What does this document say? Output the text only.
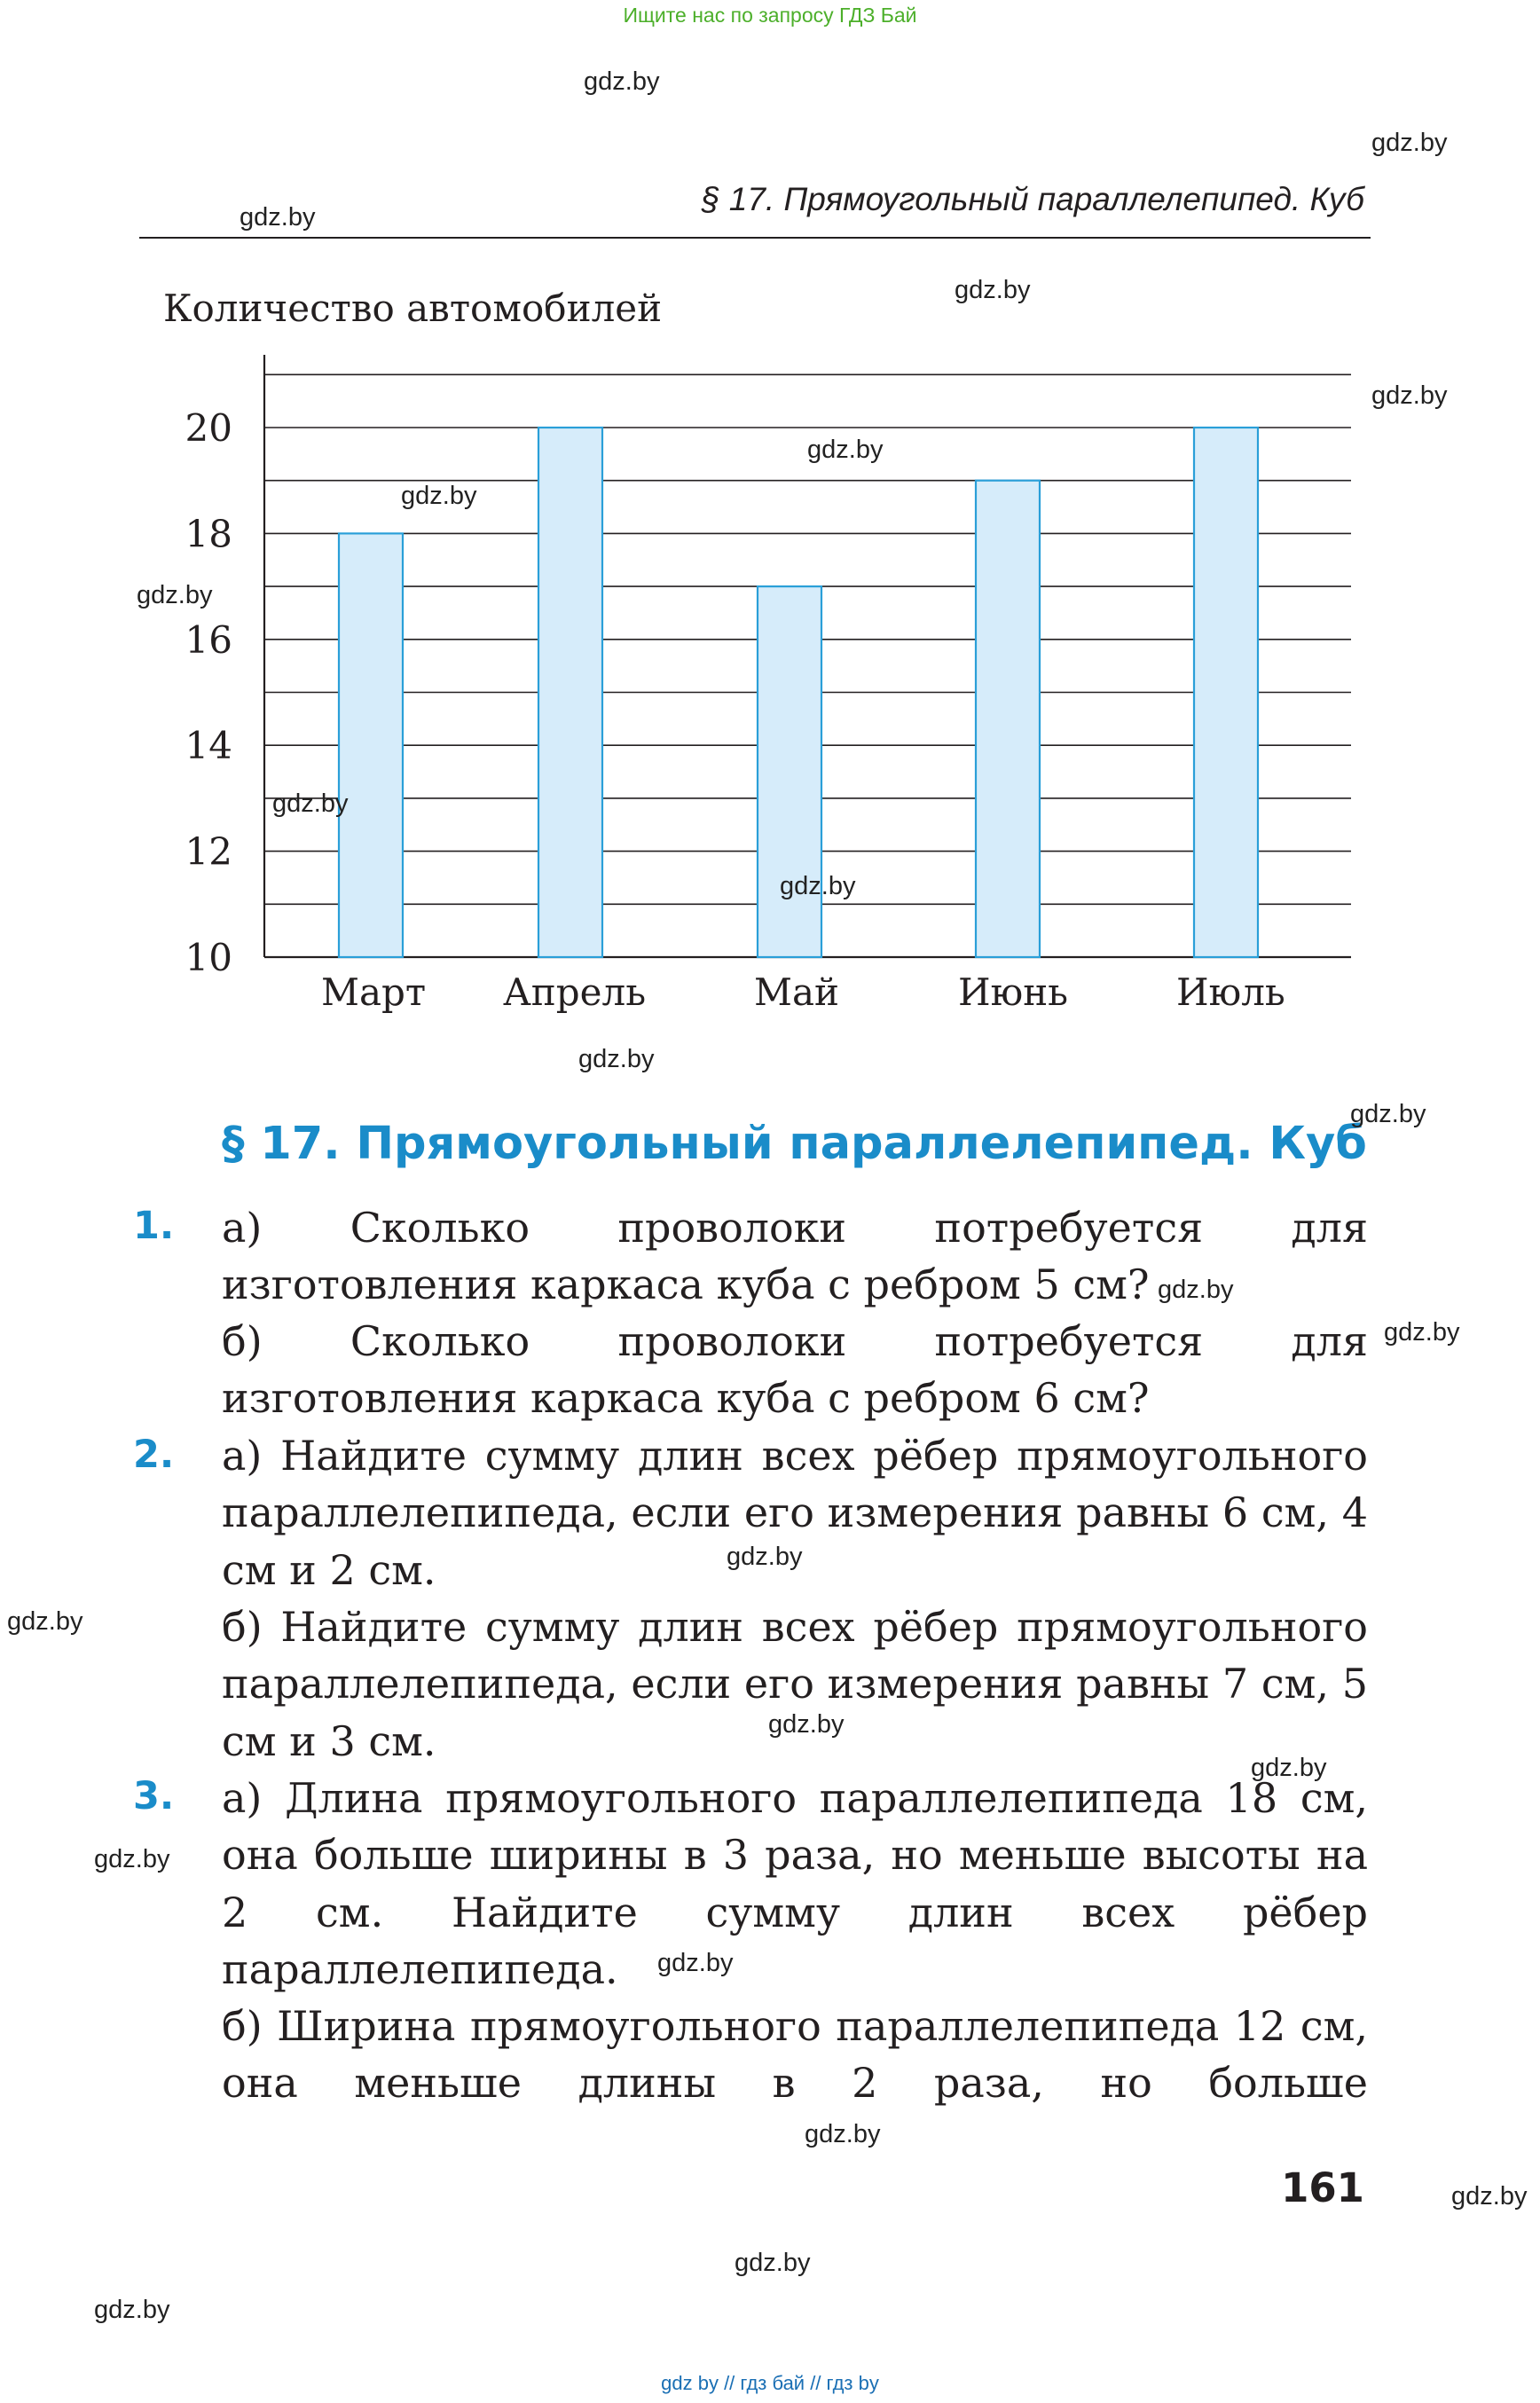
Ищите нас по запросу ГДЗ Бай
§ 17. Прямоугольный параллелепипед. Куб
Количество автомобилей
10
12
14
16
18
20
Март Апрель	Май	Июнь	Июль
§ 17. Прямоугольный параллелепипед. Куб
1. а) Сколько проволоки потребуется для изготовления каркаса куба с ребром 5 см?
б) Сколько проволоки потребуется для изготовления каркаса куба с ребром 6 см?
2. а) Найдите сумму длин всех рёбер прямоугольного параллелепипеда, если его измерения равны 6 см, 4 см и 2 см.
б) Найдите сумму длин всех рёбер прямоугольного параллелепипеда, если его измерения равны 7 см, 5 см и 3 см.
3. а) Длина прямоугольного параллелепипеда 18 см, она больше ширины в 3 раза, но меньше высоты на 2 см. Найдите сумму длин всех рёбер параллелепипеда.
б) Ширина прямоугольного параллелепипеда 12 см, она меньше длины в 2 раза, но больше
161
gdz.by
gdz.by
gdz.by
gdz.by
gdz.by
gdz.by
gdz.by
gdz.by
gdz.by
gdz.by
gdz.by
gdz.by
gdz.by
gdz.by
gdz.by
gdz.by
gdz.by
gdz.by
gdz.by
gdz.by
gdz.by
gdz.by
gdz.by
gdz.by
gdz by // гдз бай // гдз by
